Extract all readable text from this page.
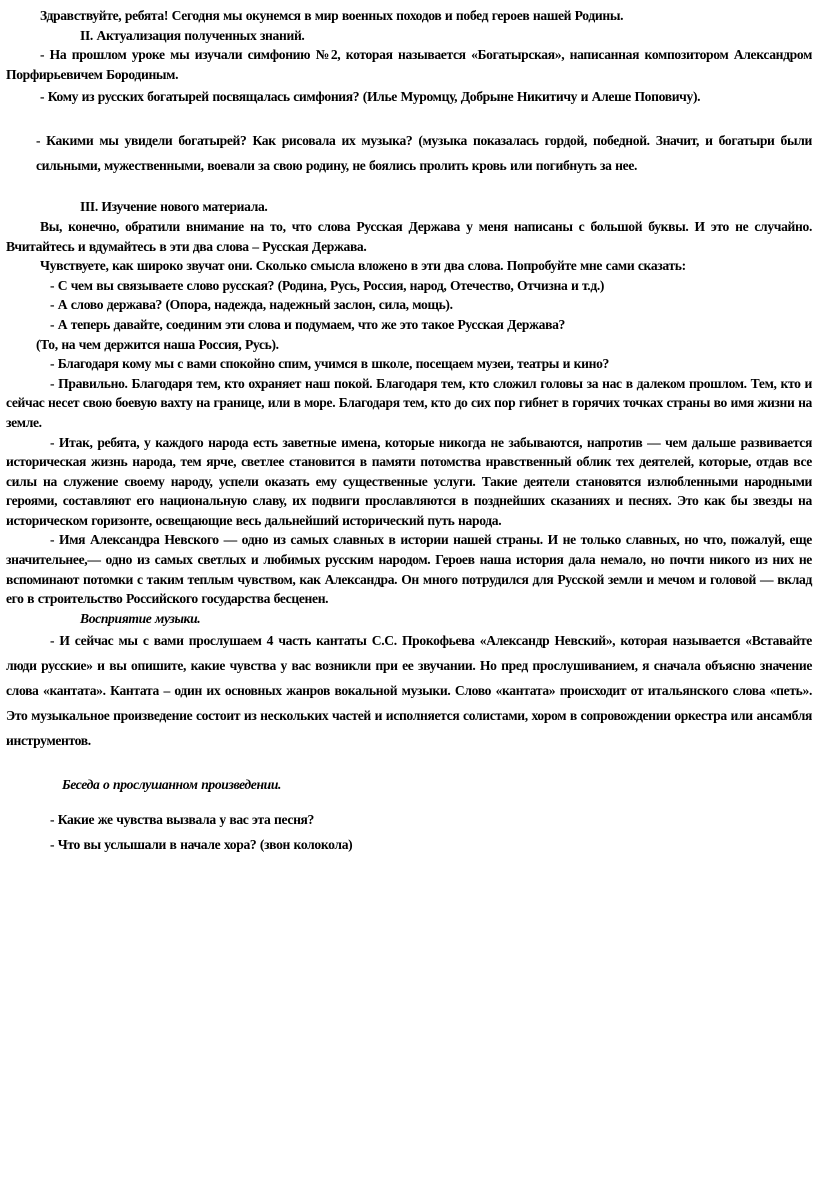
Здравствуйте, ребята! Сегодня мы окунемся в мир военных походов и побед героев нашей Родины.

II. Актуализация полученных знаний.

- На прошлом уроке мы изучали симфонию №2, которая называется «Богатырская», написанная композитором Александром Порфирьевичем Бородиным.

- Кому из русских богатырей посвящалась симфония? (Илье Муромцу, Добрыне Никитичу и Алеше Поповичу).

- Какими мы увидели богатырей? Как рисовала их музыка? (музыка показалась гордой, победной. Значит, и богатыри были сильными, мужественными, воевали за свою родину, не боялись пролить кровь или погибнуть за нее.

III. Изучение нового материала.

Вы, конечно, обратили внимание на то, что слова Русская Держава у меня написаны с большой буквы. И это не случайно. Вчитайтесь и вдумайтесь в эти два слова – Русская Держава.

Чувствуете, как широко звучат они. Сколько смысла вложено в эти два слова. Попробуйте мне сами сказать:

- С чем вы связываете слово русская? (Родина, Русь, Россия, народ, Отечество, Отчизна и т.д.)

- А слово держава? (Опора, надежда, надежный заслон, сила, мощь).

- А теперь давайте, соединим эти слова и подумаем, что же это такое Русская Держава?

(То, на чем держится наша Россия, Русь).

- Благодаря кому мы с вами спокойно спим, учимся в школе, посещаем музеи, театры и кино?

- Правильно. Благодаря тем, кто охраняет наш покой. Благодаря тем, кто сложил головы за нас в далеком прошлом. Тем, кто и сейчас несет свою боевую вахту на границе, или в море. Благодаря тем, кто до сих пор гибнет в горячих точках страны во имя жизни на земле.

- Итак, ребята, у каждого народа есть заветные имена, которые никогда не забываются, напротив — чем дальше развивается историческая жизнь народа, тем ярче, светлее становится в памяти потомства нравственный облик тех деятелей, которые, отдав все силы на служение своему народу, успели оказать ему существенные услуги. Такие деятели становятся излюбленными народными героями, составляют его национальную славу, их подвиги прославляются в позднейших сказаниях и песнях. Это как бы звезды на историческом горизонте, освещающие весь дальнейший исторический путь народа.

- Имя Александра Невского — одно из самых славных в истории нашей страны. И не только славных, но что, пожалуй, еще значительнее,— одно из самых светлых и любимых русским народом. Героев наша история дала немало, но почти никого из них не вспоминают потомки с таким теплым чувством, как Александра. Он много потрудился для Русской земли и мечом и головой — вклад его в строительство Российского государства бесценен.

Восприятие музыки.

- И сейчас мы с вами прослушаем 4 часть кантаты С.С. Прокофьева «Александр Невский», которая называется «Вставайте люди русские» и вы опишите, какие чувства у вас возникли при ее звучании. Но пред прослушиванием, я сначала объясню значение слова «кантата». Кантата – один их основных жанров вокальной музыки. Слово «кантата» происходит от итальянского слова «петь». Это музыкальное произведение состоит из нескольких частей и исполняется солистами, хором в сопровождении оркестра или ансамбля инструментов.

Беседа о прослушанном произведении.

- Какие же чувства вызвала у вас эта песня?

- Что вы услышали в начале хора? (звон колокола)
